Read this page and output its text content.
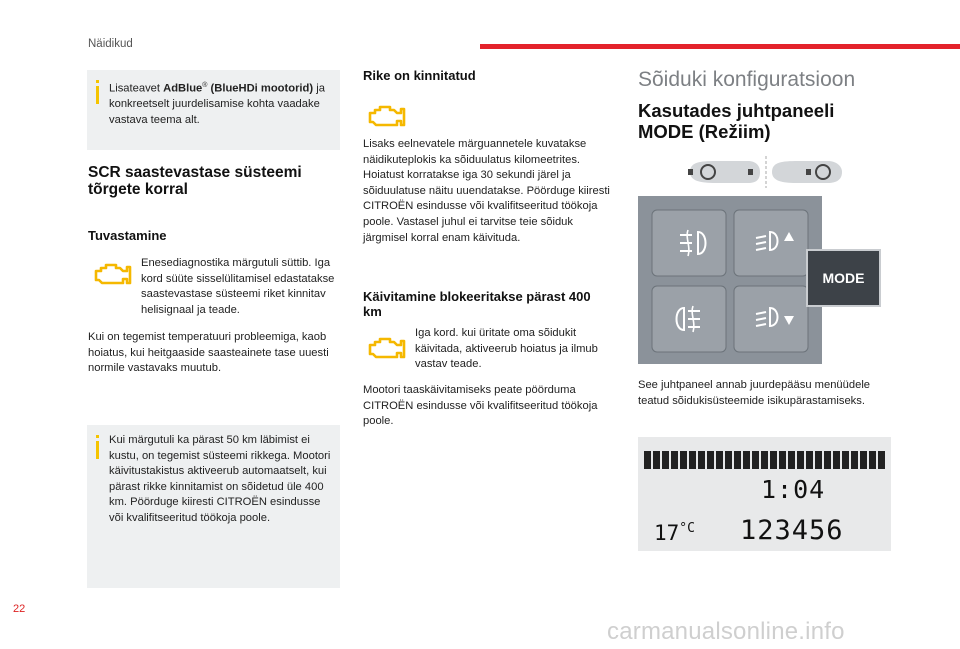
Näidikud

Lisateavet AdBlue® (BlueHDi mootorid) ja konkreetselt juurdelisamise kohta vaadake vastava teema alt.

SCR saastevastase süsteemi tõrgete korral
Tuvastamine

Enesediagnostika märgutuli süttib. Iga kord süüte sisselülitamisel edastatakse saastevastase süsteemi riket kinnitav helisignaal ja teade.

Kui on tegemist temperatuuri probleemiga, kaob hoiatus, kui heitgaaside saasteainete tase uuesti normile vastavaks muutub.

Kui märgutuli ka pärast 50 km läbimist ei kustu, on tegemist süsteemi rikkega. Mootori käivitustakistus aktiveerub automaatselt, kui pärast rikke kinnitamist on sõidetud üle 400 km. Pöörduge kiiresti CITROËN esindusse või kvalifitseeritud töökoja poole.

Rike on kinnitatud

Lisaks eelnevatele märguannetele kuvatakse näidikuteplokis ka sõiduulatus kilomeetrites. Hoiatust korratakse iga 30 sekundi järel ja sõiduulatuse näitu uuendatakse. Pöörduge kiiresti CITROËN esindusse või kvalifitseeritud töökoja poole. Vastasel juhul ei tarvitse teie sõiduk järgmisel korral enam käivituda.

Käivitamine blokeeritakse pärast 400 km

Iga kord. kui üritate oma sõidukit käivitada, aktiveerub hoiatus ja ilmub vastav teade.

Mootori taaskäivitamiseks peate pöörduma CITROËN esindusse või kvalifitseeritud töökoja poole.

Sõiduki konfiguratsioon
Kasutades juhtpaneeli MODE (Režiim)
MODE

See juhtpaneel annab juurdepääsu menüüdele teatud sõidukisüsteemide isikupärastamiseks.

1:04
$17^{^\circ C}$ 123456
22
carmanualsonline.info
